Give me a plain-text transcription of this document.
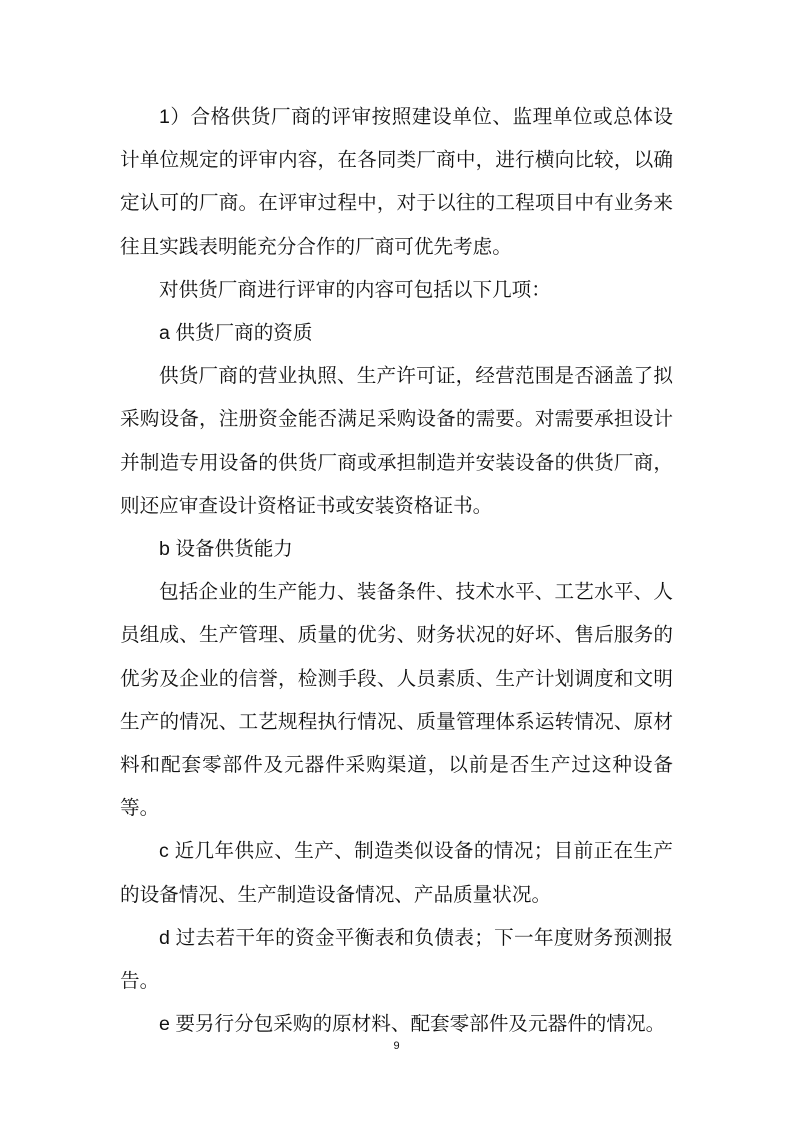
1）合格供货厂商的评审按照建设单位、监理单位或总体设
计单位规定的评审内容，在各同类厂商中，进行横向比较，以确
定认可的厂商。在评审过程中，对于以往的工程项目中有业务来
往且实践表明能充分合作的厂商可优先考虑。
对供货厂商进行评审的内容可包括以下几项：
a 供货厂商的资质
供货厂商的营业执照、生产许可证，经营范围是否涵盖了拟
采购设备，注册资金能否满足采购设备的需要。对需要承担设计
并制造专用设备的供货厂商或承担制造并安装设备的供货厂商，
则还应审查设计资格证书或安装资格证书。
b 设备供货能力
包括企业的生产能力、装备条件、技术水平、工艺水平、人
员组成、生产管理、质量的优劣、财务状况的好坏、售后服务的
优劣及企业的信誉，检测手段、人员素质、生产计划调度和文明
生产的情况、工艺规程执行情况、质量管理体系运转情况、原材
料和配套零部件及元器件采购渠道，以前是否生产过这种设备
等。
c 近几年供应、生产、制造类似设备的情况；目前正在生产
的设备情况、生产制造设备情况、产品质量状况。
d 过去若干年的资金平衡表和负债表；下一年度财务预测报
告。
e 要另行分包采购的原材料、配套零部件及元器件的情况。
9
